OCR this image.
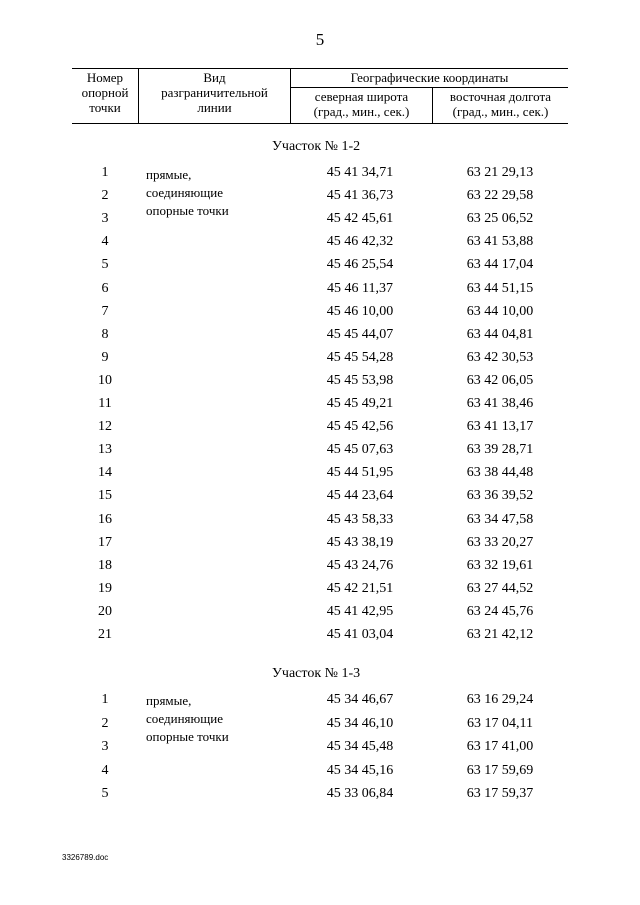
5
Номер
опорной
точки
Вид
разграничительной
линии
Географические координаты
северная широта
(град., мин., сек.)
восточная долгота
(град., мин., сек.)
Участок № 1-2
прямые,
соединяющие
опорные точки
1	45 41 34,71	63 21 29,13
2	45 41 36,73	63 22 29,58
3	45 42 45,61	63 25 06,52
4	45 46 42,32	63 41 53,88
5	45 46 25,54	63 44 17,04
6	45 46 11,37	63 44 51,15
7	45 46 10,00	63 44 10,00
8	45 45 44,07	63 44 04,81
9	45 45 54,28	63 42 30,53
10	45 45 53,98	63 42 06,05
11	45 45 49,21	63 41 38,46
12	45 45 42,56	63 41 13,17
13	45 45 07,63	63 39 28,71
14	45 44 51,95	63 38 44,48
15	45 44 23,64	63 36 39,52
16	45 43 58,33	63 34 47,58
17	45 43 38,19	63 33 20,27
18	45 43 24,76	63 32 19,61
19	45 42 21,51	63 27 44,52
20	45 41 42,95	63 24 45,76
21	45 41 03,04	63 21 42,12
Участок № 1-3
прямые,
соединяющие
опорные точки
1	45 34 46,67	63 16 29,24
2	45 34 46,10	63 17 04,11
3	45 34 45,48	63 17 41,00
4	45 34 45,16	63 17 59,69
5	45 33 06,84	63 17 59,37
3326789.doc
